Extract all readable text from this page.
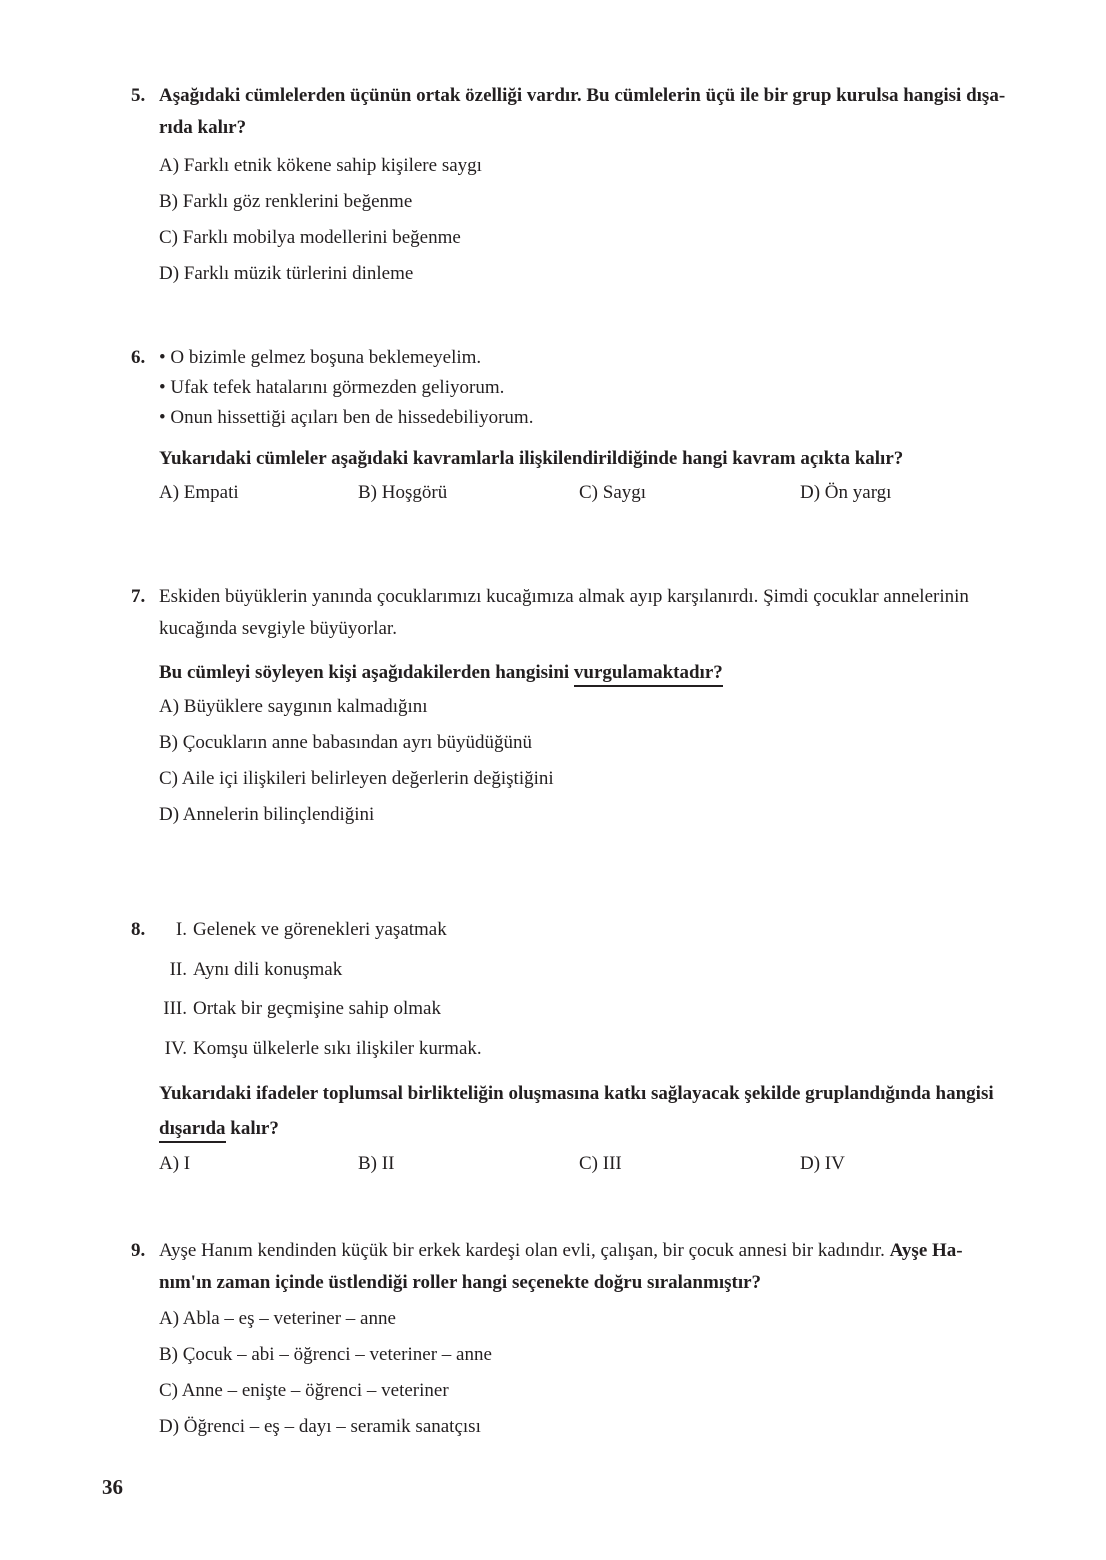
5. Aşağıdaki cümlelerden üçünün ortak özelliği vardır. Bu cümlelerin üçü ile bir grup kurulsa hangisi dışa-
rıda kalır?
A) Farklı etnik kökene sahip kişilere saygı
B) Farklı göz renklerini beğenme
C) Farklı mobilya modellerini beğenme
D) Farklı müzik türlerini dinleme
6. • O bizimle gelmez boşuna beklemeyelim.
• Ufak tefek hatalarını görmezden geliyorum.
• Onun hissettiği açıları ben de hissedebiliyorum.
Yukarıdaki cümleler aşağıdaki kavramlarla ilişkilendirildiğinde hangi kavram açıkta kalır?
A) Empati	B) Hoşgörü	C) Saygı	D) Ön yargı
7. Eskiden büyüklerin yanında çocuklarımızı kucağımıza almak ayıp karşılanırdı. Şimdi çocuklar annelerinin
kucağında sevgiyle büyüyorlar.
Bu cümleyi söyleyen kişi aşağıdakilerden hangisini vurgulamaktadır?
A) Büyüklere saygının kalmadığını
B) Çocukların anne babasından ayrı büyüdüğünü
C) Aile içi ilişkileri belirleyen değerlerin değiştiğini
D) Annelerin bilinçlendiğini
8.	I. Gelenek ve görenekleri yaşatmak
II. Aynı dili konuşmak
III. Ortak bir geçmişine sahip olmak
IV. Komşu ülkelerle sıkı ilişkiler kurmak.
Yukarıdaki ifadeler toplumsal birlikteliğin oluşmasına katkı sağlayacak şekilde gruplandığında hangisi
dışarıda kalır?
A) I	B) II	C) III	D) IV
9. Ayşe Hanım kendinden küçük bir erkek kardeşi olan evli, çalışan, bir çocuk annesi bir kadındır. Ayşe Ha-
nım'ın zaman içinde üstlendiği roller hangi seçenekte doğru sıralanmıştır?
A) Abla – eş – veteriner – anne
B) Çocuk – abi – öğrenci – veteriner – anne
C) Anne – enişte – öğrenci – veteriner
D) Öğrenci – eş – dayı – seramik sanatçısı
36
